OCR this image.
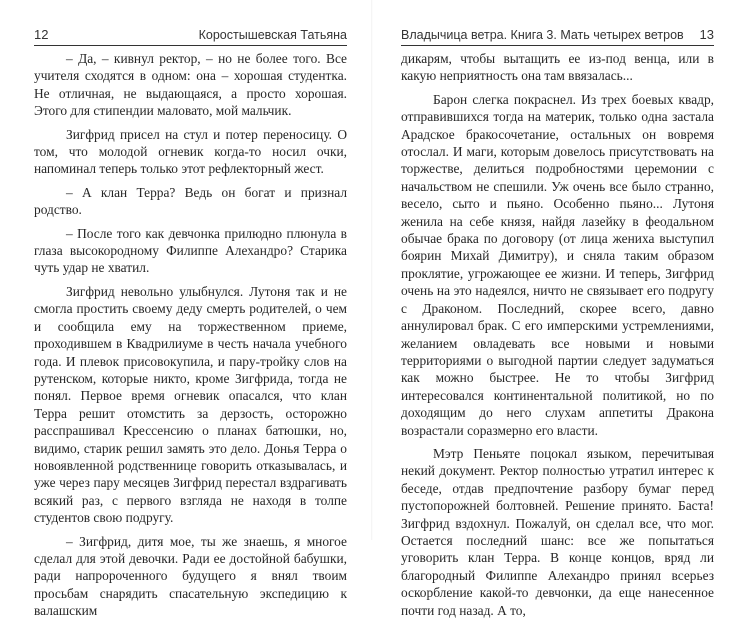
12	Коростышевская Татьяна

– Да, – кивнул ректор, – но не более того. Все учителя сходятся в одном: она – хорошая студентка. Не отличная, не выдающаяся, а просто хорошая. Этого для стипендии маловато, мой мальчик.

Зигфрид присел на стул и потер переносицу. О том, что молодой огневик когда-то носил очки, напоминал теперь только этот рефлекторный жест.

– А клан Терра? Ведь он богат и признал родство.

– После того как девчонка прилюдно плюнула в глаза высокородному Филиппе Алехандро? Старика чуть удар не хватил.

Зигфрид невольно улыбнулся. Лутоня так и не смогла простить своему деду смерть родителей, о чем и сообщила ему на торжественном приеме, проходившем в Квадрилиуме в честь начала учебного года. И плевок присовокупила, и пару-тройку слов на рутенском, которые никто, кроме Зигфрида, тогда не понял. Первое время огневик опасался, что клан Терра решит отомстить за дерзость, осторожно расспрашивал Крессенсию о планах батюшки, но, видимо, старик решил замять это дело. Донья Терра о новоявленной родственнице говорить отказывалась, и уже через пару месяцев Зигфрид перестал вздрагивать всякий раз, с первого взгляда не находя в толпе студентов свою подругу.

– Зигфрид, дитя мое, ты же знаешь, я многое сделал для этой девочки. Ради ее достойной бабушки, ради напророченного будущего я внял твоим просьбам снарядить спасательную экспедицию к валашским

Владычица ветра. Книга 3. Мать четырех ветров 13

дикарям, чтобы вытащить ее из-под венца, или в какую неприятность она там ввязалась...

Барон слегка покраснел. Из трех боевых квадр, отправившихся тогда на материк, только одна застала Арадское бракосочетание, остальных он вовремя отослал. И маги, которым довелось присутствовать на торжестве, делиться подробностями церемонии с начальством не спешили. Уж очень все было странно, весело, сыто и пьяно. Особенно пьяно... Лутоня женила на себе князя, найдя лазейку в феодальном обычае брака по договору (от лица жениха выступил боярин Михай Димитру), и сняла таким образом проклятие, угрожающее ее жизни. И теперь, Зигфрид очень на это надеялся, ничто не связывает его подругу с Драконом. Последний, скорее всего, давно аннулировал брак. С его имперскими устремлениями, желанием овладевать все новыми и новыми территориями о выгодной партии следует задуматься как можно быстрее. Не то чтобы Зигфрид интересовался континентальной политикой, но по доходящим до него слухам аппетиты Дракона возрастали соразмерно его власти.

Мэтр Пеньяте поцокал языком, перечитывая некий документ. Ректор полностью утратил интерес к беседе, отдав предпочтение разбору бумаг перед пустопорожней болтовней. Решение принято. Баста! Зигфрид вздохнул. Пожалуй, он сделал все, что мог. Остается последний шанс: все же попытаться уговорить клан Терра. В конце концов, вряд ли благородный Филиппе Алехандро принял всерьез оскорбление какой-то девчонки, да еще нанесенное почти год назад. А то,
